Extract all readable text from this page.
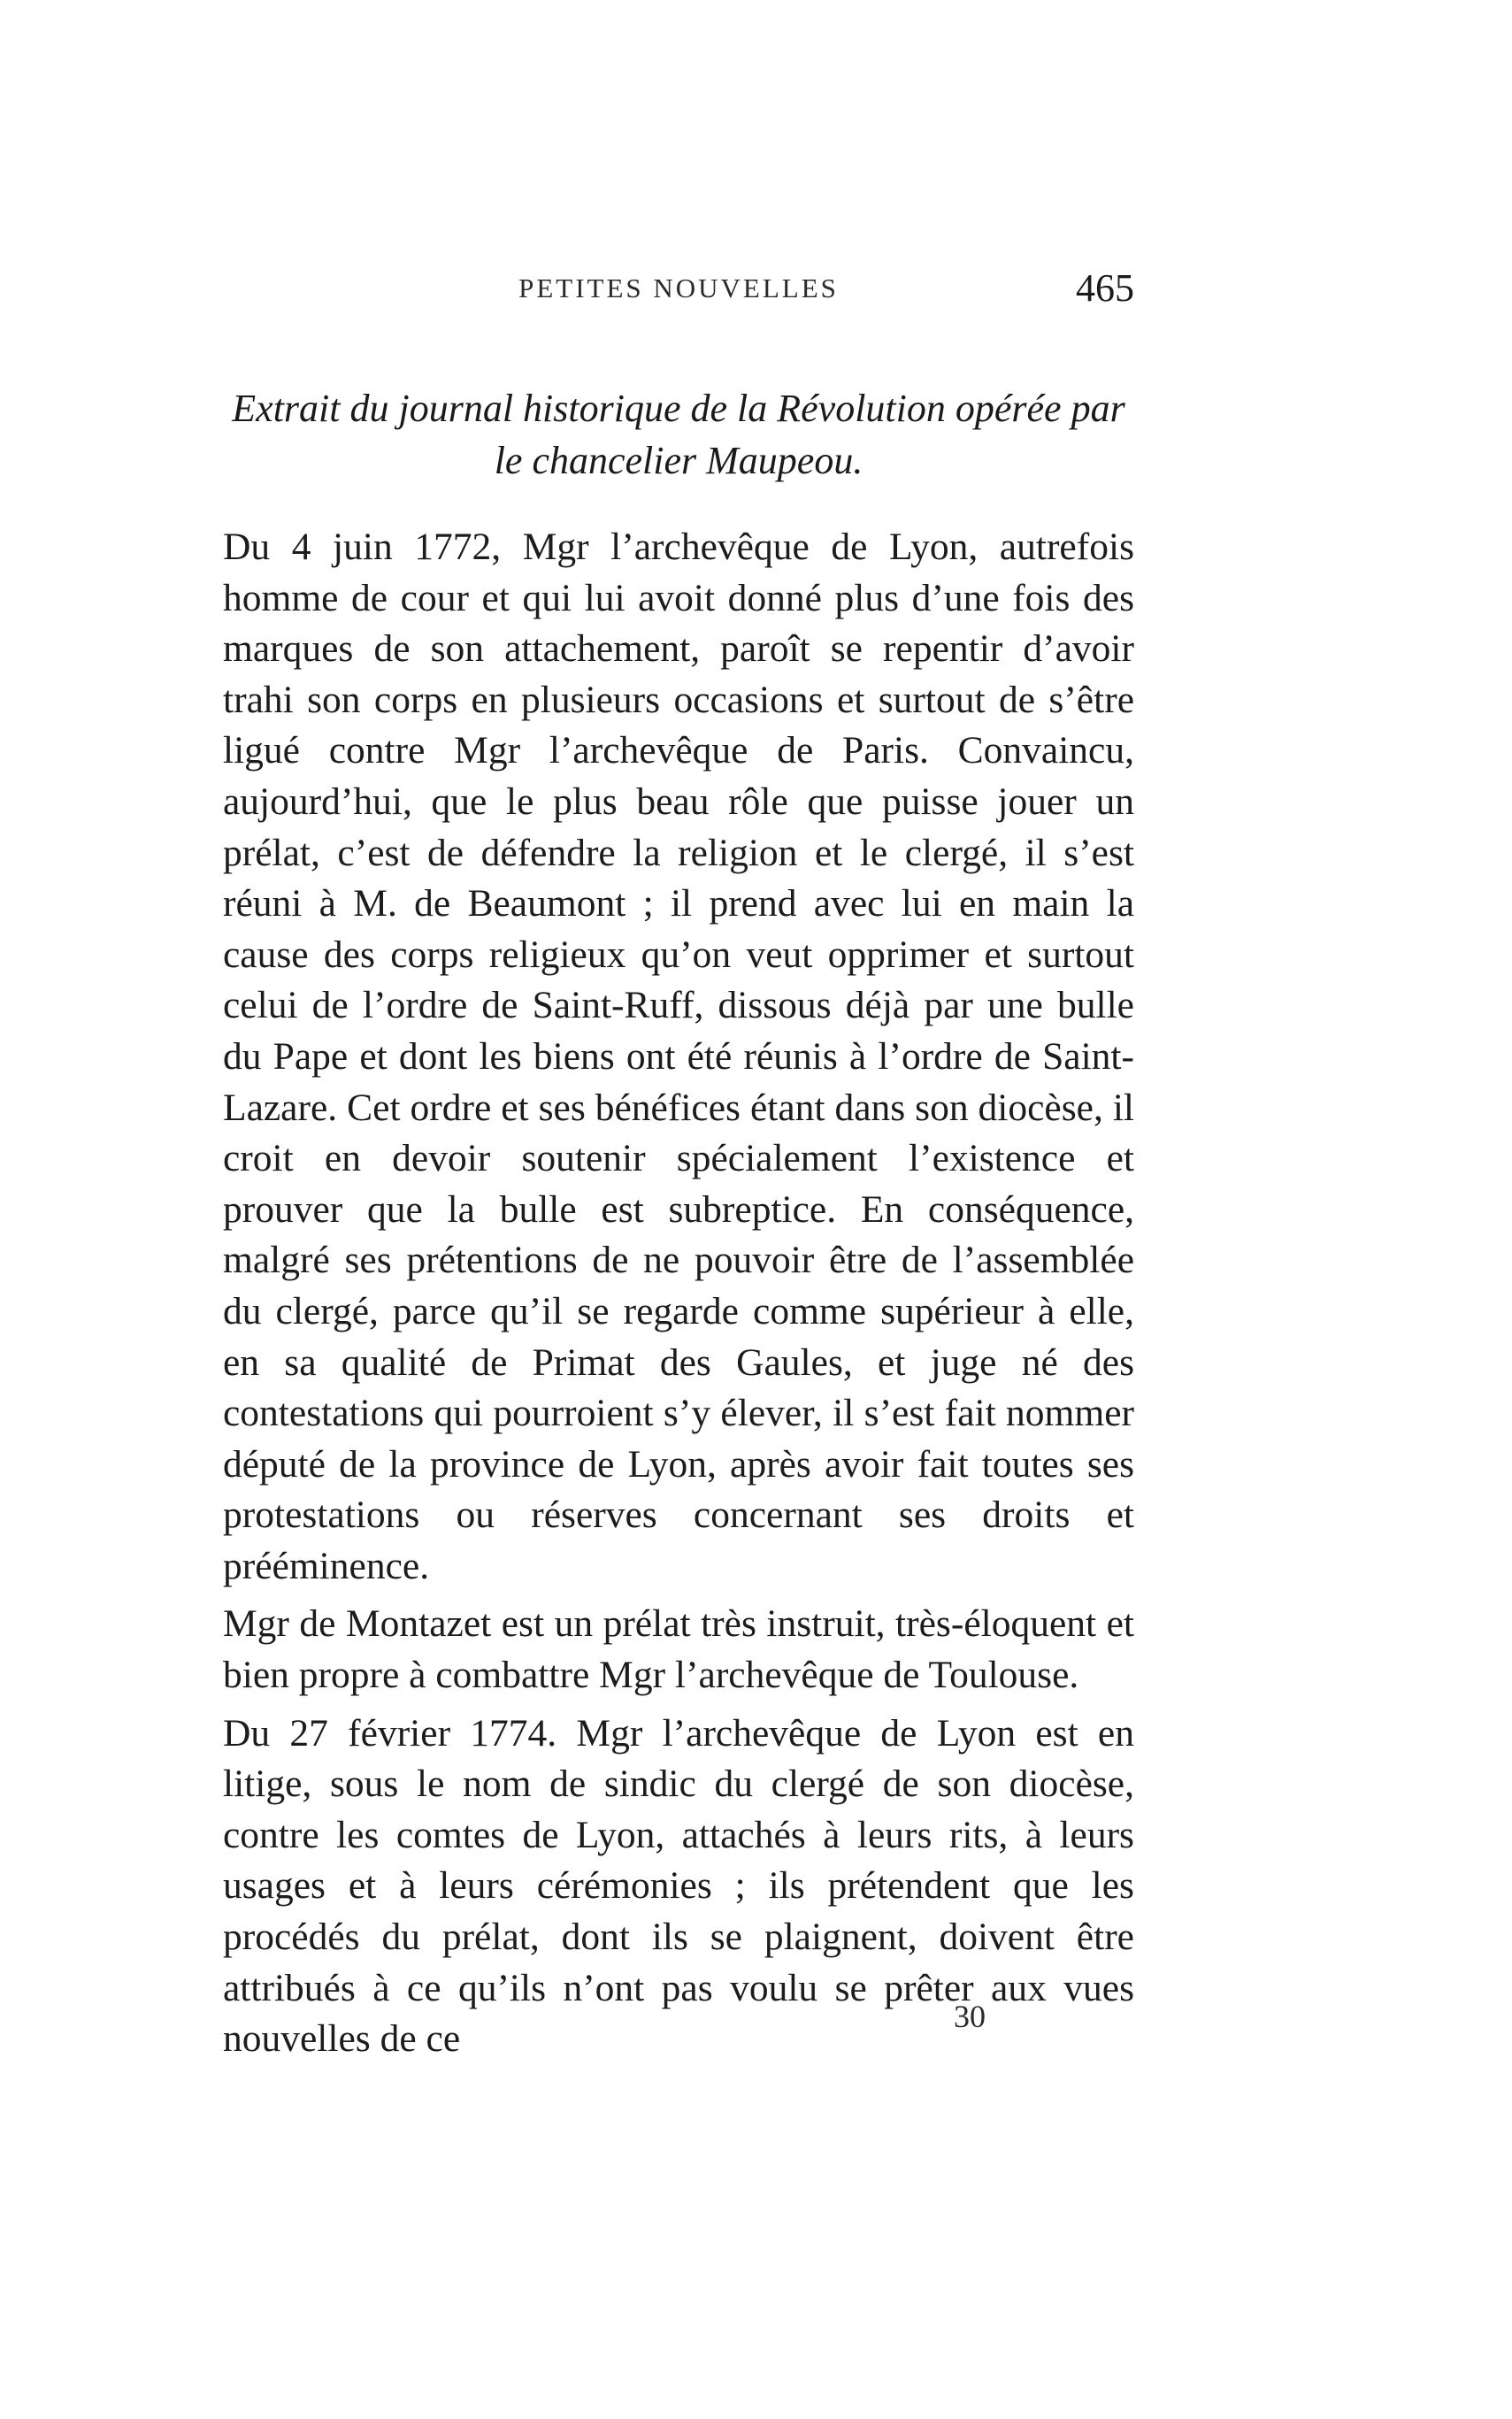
PETITES NOUVELLES	465
Extrait du journal historique de la Révolution opérée par le chancelier Maupeou.

Du 4 juin 1772, Mgr l’archevêque de Lyon, autrefois homme de cour et qui lui avoit donné plus d’une fois des marques de son attachement, paroît se repentir d’avoir trahi son corps en plusieurs occasions et surtout de s’être ligué contre Mgr l’archevêque de Paris. Convaincu, aujourd’hui, que le plus beau rôle que puisse jouer un prélat, c’est de défendre la religion et le clergé, il s’est réuni à M. de Beaumont ; il prend avec lui en main la cause des corps religieux qu’on veut opprimer et surtout celui de l’ordre de Saint-Ruff, dissous déjà par une bulle du Pape et dont les biens ont été réunis à l’ordre de Saint-Lazare. Cet ordre et ses bénéfices étant dans son diocèse, il croit en devoir soutenir spécialement l’existence et prouver que la bulle est subreptice. En conséquence, malgré ses prétentions de ne pouvoir être de l’assemblée du clergé, parce qu’il se regarde comme supérieur à elle, en sa qualité de Primat des Gaules, et juge né des contestations qui pourroient s’y élever, il s’est fait nommer député de la province de Lyon, après avoir fait toutes ses protestations ou réserves concernant ses droits et prééminence.

Mgr de Montazet est un prélat très instruit, très-éloquent et bien propre à combattre Mgr l’archevêque de Toulouse.

Du 27 février 1774. Mgr l’archevêque de Lyon est en litige, sous le nom de sindic du clergé de son diocèse, contre les comtes de Lyon, attachés à leurs rits, à leurs usages et à leurs cérémonies ; ils prétendent que les procédés du prélat, dont ils se plaignent, doivent être attribués à ce qu’ils n’ont pas voulu se prêter aux vues nouvelles de ce

30
